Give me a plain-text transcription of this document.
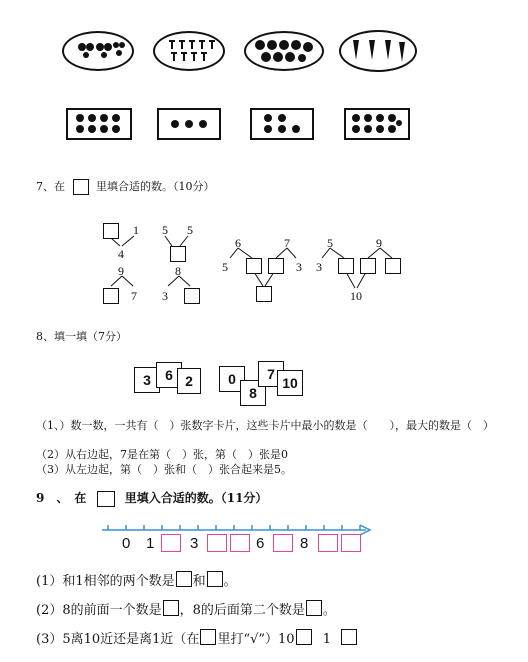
7、在	里填合适的数。（10分）
1
4
5 5
9
7
8
3
6	7
5	3
5	9
3
10
8、填一填（7分）
3	6 2	0
8
7
10
（1、）数一数，一共有（　）张数字卡片，这些卡片中最小的数是（　　），最大的数是（　）
（2）从右边起，7是在第（　）张，第（　）张是0
（3）从左边起，第（　）张和（　）张合起来是5。
9　、　在	里填入合适的数。（11分）
0 1 3	6 8
(1）和1相邻的两个数是 和 。
(2）8的前面一个数是 ，8的后面第二个数是 。
(3）5离10近还是离1近（在 里打“√”）10 1
